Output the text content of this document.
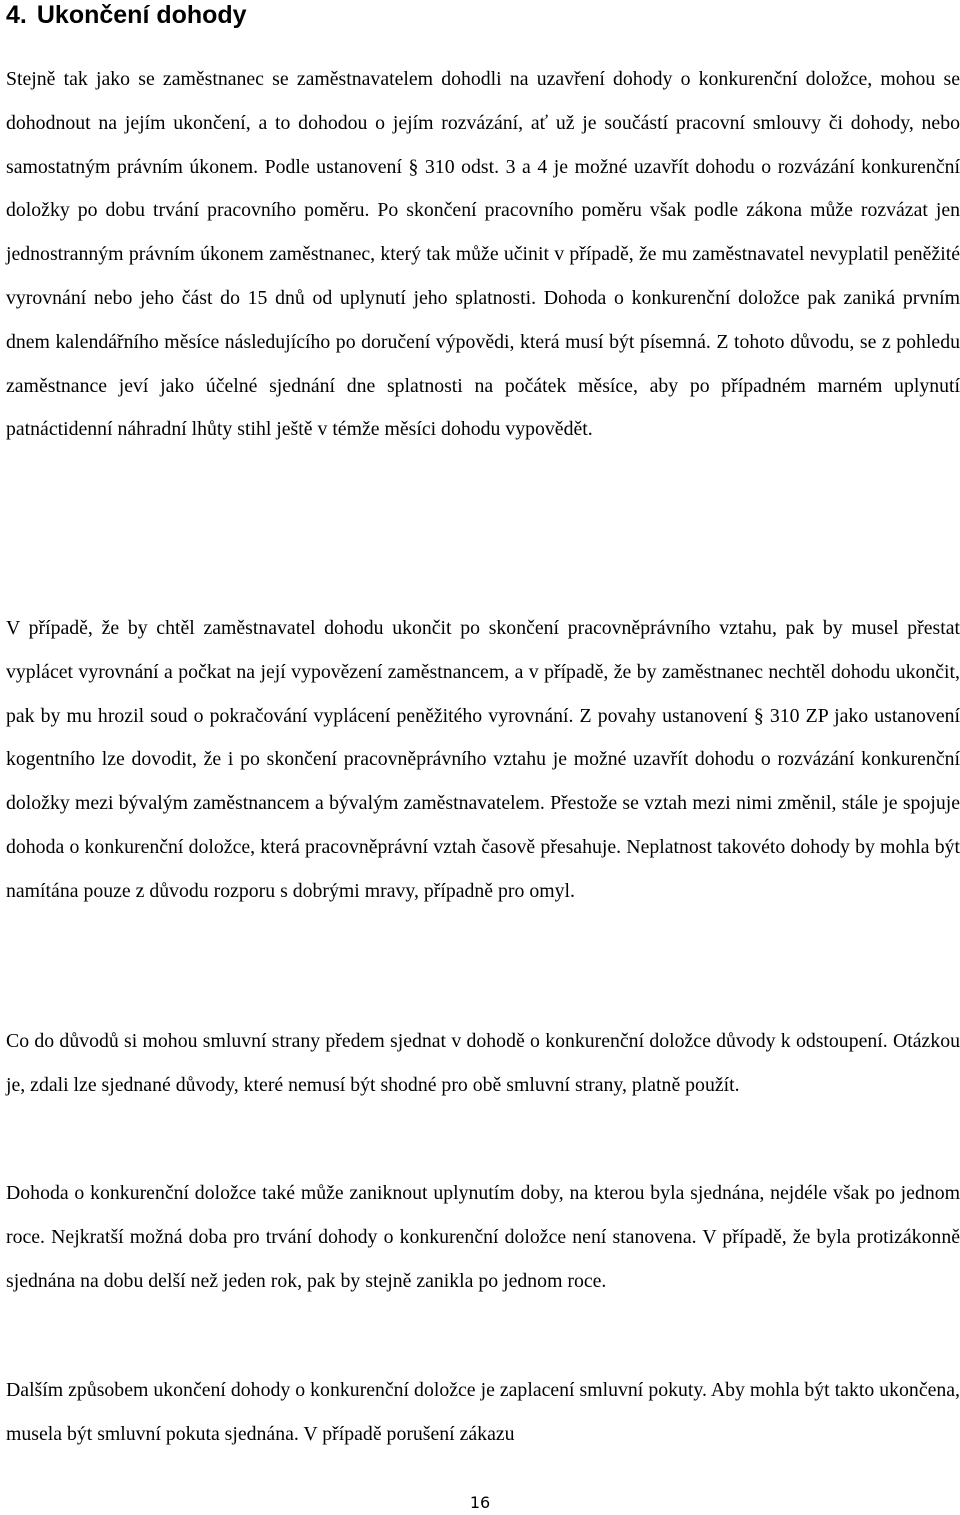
4. Ukončení dohody

Stejně tak jako se zaměstnanec se zaměstnavatelem dohodli na uzavření dohody o konkurenční doložce, mohou se dohodnout na jejím ukončení, a to dohodou o jejím rozvázání, ať už je součástí pracovní smlouvy či dohody, nebo samostatným právním úkonem. Podle ustanovení § 310 odst. 3 a 4 je možné uzavřít dohodu o rozvázání konkurenční doložky po dobu trvání pracovního poměru. Po skončení pracovního poměru však podle zákona může rozvázat jen jednostranným právním úkonem zaměstnanec, který tak může učinit v případě, že mu zaměstnavatel nevyplatil peněžité vyrovnání nebo jeho část do 15 dnů od uplynutí jeho splatnosti. Dohoda o konkurenční doložce pak zaniká prvním dnem kalendářního měsíce následujícího po doručení výpovědi, která musí být písemná. Z tohoto důvodu, se z pohledu zaměstnance jeví jako účelné sjednání dne splatnosti na počátek měsíce, aby po případném marném uplynutí patnáctidenní náhradní lhůty stihl ještě v témže měsíci dohodu vypovědět.

V případě, že by chtěl zaměstnavatel dohodu ukončit po skončení pracovněprávního vztahu, pak by musel přestat vyplácet vyrovnání a počkat na její vypovězení zaměstnancem, a v případě, že by zaměstnanec nechtěl dohodu ukončit, pak by mu hrozil soud o pokračování vyplácení peněžitého vyrovnání. Z povahy ustanovení § 310 ZP jako ustanovení kogentního lze dovodit, že i po skončení pracovněprávního vztahu je možné uzavřít dohodu o rozvázání konkurenční doložky mezi bývalým zaměstnancem a bývalým zaměstnavatelem. Přestože se vztah mezi nimi změnil, stále je spojuje dohoda o konkurenční doložce, která pracovněprávní vztah časově přesahuje. Neplatnost takovéto dohody by mohla být namítána pouze z důvodu rozporu s dobrými mravy, případně pro omyl.

Co do důvodů si mohou smluvní strany předem sjednat v dohodě o konkurenční doložce důvody k odstoupení. Otázkou je, zdali lze sjednané důvody, které nemusí být shodné pro obě smluvní strany, platně použít.

Dohoda o konkurenční doložce také může zaniknout uplynutím doby, na kterou byla sjednána, nejdéle však po jednom roce. Nejkratší možná doba pro trvání dohody o konkurenční doložce není stanovena. V případě, že byla protizákonně sjednána na dobu delší než jeden rok, pak by stejně zanikla po jednom roce.

Dalším způsobem ukončení dohody o konkurenční doložce je zaplacení smluvní pokuty. Aby mohla být takto ukončena, musela být smluvní pokuta sjednána. V případě porušení zákazu

16
